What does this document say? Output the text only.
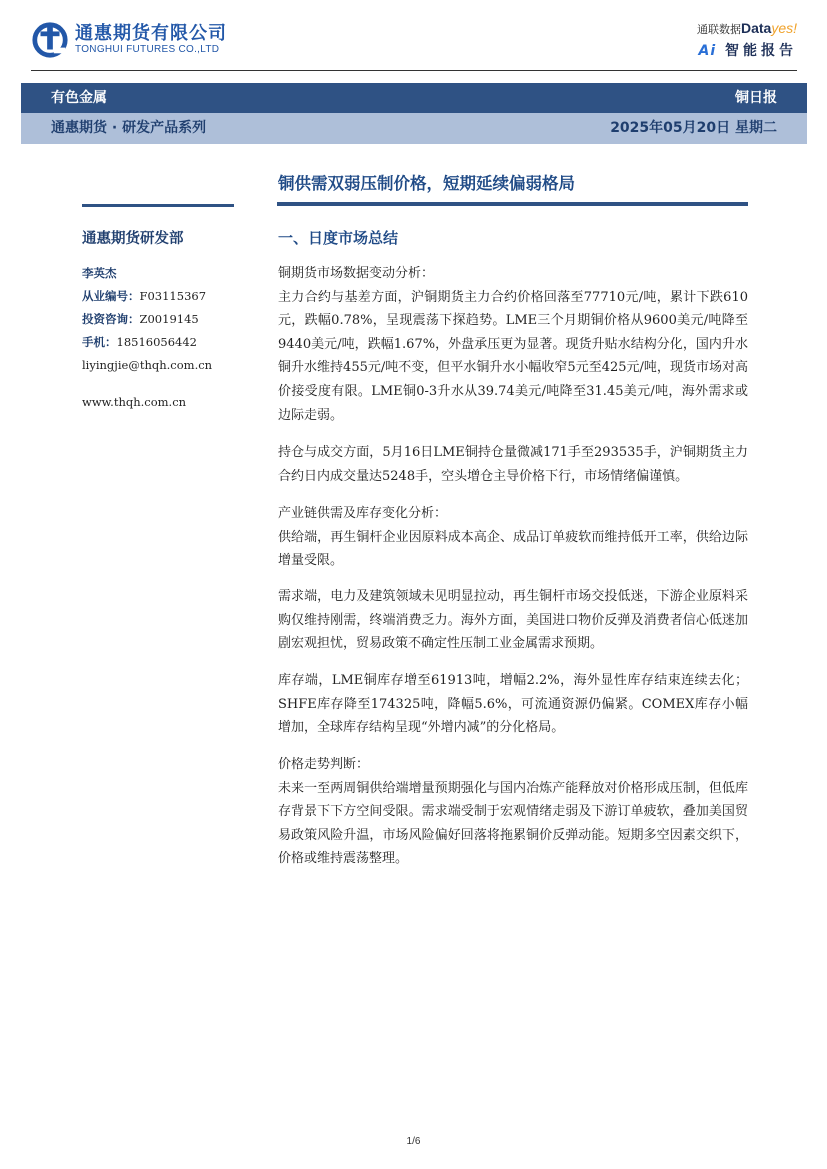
通惠期货有限公司
TONGHUI FUTURES CO.,LTD
通联数据Datayes!
Ai 智能报告
有色金属	铜日报
通惠期货 · 研发产品系列	2025年05月20日 星期二
铜供需双弱压制价格，短期延续偏弱格局
通惠期货研发部
李英杰
从业编号：F03115367
投资咨询：Z0019145
手机：18516056442
liyingjie@thqh.com.cn
www.thqh.com.cn
一、日度市场总结
铜期货市场数据变动分析：
主力合约与基差方面，沪铜期货主力合约价格回落至77710元/吨，累计下跌610元，跌幅0.78%，呈现震荡下探趋势。LME三个月期铜价格从9600美元/吨降至9440美元/吨，跌幅1.67%，外盘承压更为显著。现货升贴水结构分化，国内升水铜升水维持455元/吨不变，但平水铜升水小幅收窄5元至425元/吨，现货市场对高价接受度有限。LME铜0-3升水从39.74美元/吨降至31.45美元/吨，海外需求或边际走弱。
持仓与成交方面，5月16日LME铜持仓量微减171手至293535手，沪铜期货主力合约日内成交量达5248手，空头增仓主导价格下行，市场情绪偏谨慎。
产业链供需及库存变化分析：
供给端，再生铜杆企业因原料成本高企、成品订单疲软而维持低开工率，供给边际增量受限。
需求端，电力及建筑领域未见明显拉动，再生铜杆市场交投低迷，下游企业原料采购仅维持刚需，终端消费乏力。海外方面，美国进口物价反弹及消费者信心低迷加剧宏观担忧，贸易政策不确定性压制工业金属需求预期。
库存端，LME铜库存增至61913吨，增幅2.2%，海外显性库存结束连续去化；SHFE库存降至174325吨，降幅5.6%，可流通资源仍偏紧。COMEX库存小幅增加，全球库存结构呈现“外增内减”的分化格局。
价格走势判断：
未来一至两周铜供给端增量预期强化与国内冶炼产能释放对价格形成压制，但低库存背景下下方空间受限。需求端受制于宏观情绪走弱及下游订单疲软，叠加美国贸易政策风险升温，市场风险偏好回落将拖累铜价反弹动能。短期多空因素交织下，价格或维持震荡整理。
1/6
